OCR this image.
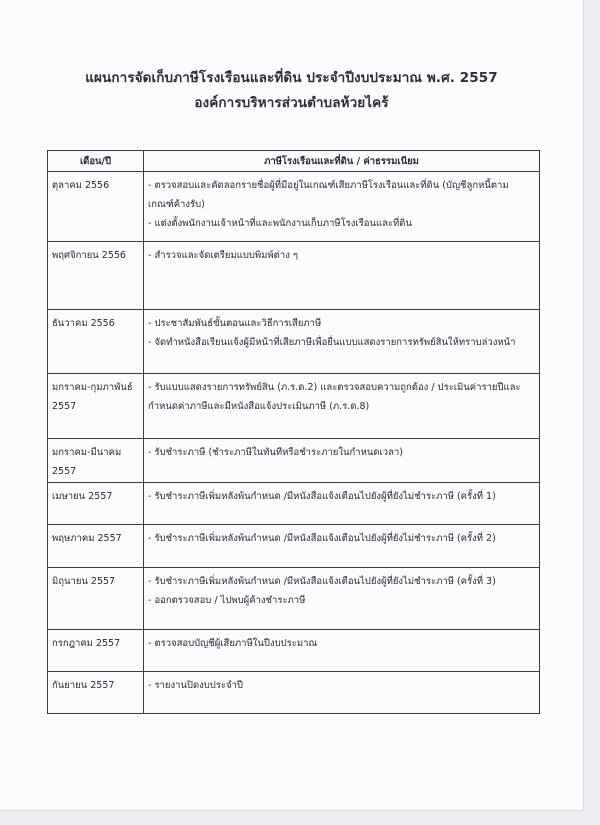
แผนการจัดเก็บภาษีโรงเรือนและที่ดิน ประจำปีงบประมาณ พ.ศ. 2557
องค์การบริหารส่วนตำบลห้วยไคร้
เดือน/ปี	ภาษีโรงเรือนและที่ดิน / ค่าธรรมเนียม
ตุลาคม 2556	- ตรวจสอบและคัดลอกรายชื่อผู้ที่มีอยู่ในเกณฑ์เสียภาษีโรงเรือนและที่ดิน (บัญชีลูกหนี้ตาม
เกณฑ์ค้างรับ)
- แต่งตั้งพนักงานเจ้าหน้าที่และพนักงานเก็บภาษีโรงเรือนและที่ดิน

พฤศจิกายน 2556	- สำรวจและจัดเตรียมแบบพิมพ์ต่าง ๆ

ธันวาคม 2556	- ประชาสัมพันธ์ขั้นตอนและวิธีการเสียภาษี
- จัดทำหนังสือเรียนแจ้งผู้มีหน้าที่เสียภาษีเพื่อยื่นแบบแสดงรายการทรัพย์สินให้ทราบล่วงหน้า

มกราคม-กุมภาพันธ์ 2557	- รับแบบแสดงรายการทรัพย์สิน (ภ.ร.ด.2) และตรวจสอบความถูกต้อง / ประเมินค่ารายปีและ
กำหนดค่าภาษีและมีหนังสือแจ้งประเมินภาษี (ภ.ร.ด.8)

มกราคม-มีนาคม 2557	- รับชำระภาษี (ชำระภาษีในทันทีหรือชำระภายในกำหนดเวลา)

เมษายน 2557	- รับชำระภาษีเพิ่มหลังพ้นกำหนด /มีหนังสือแจ้งเตือนไปยังผู้ที่ยังไม่ชำระภาษี (ครั้งที่ 1)

พฤษภาคม 2557	- รับชำระภาษีเพิ่มหลังพ้นกำหนด /มีหนังสือแจ้งเตือนไปยังผู้ที่ยังไม่ชำระภาษี (ครั้งที่ 2)

มิถุนายน 2557	- รับชำระภาษีเพิ่มหลังพ้นกำหนด /มีหนังสือแจ้งเตือนไปยังผู้ที่ยังไม่ชำระภาษี (ครั้งที่ 3)
- ออกตรวจสอบ / ไปพบผู้ค้างชำระภาษี

กรกฎาคม 2557	- ตรวจสอบบัญชีผู้เสียภาษีในปีงบประมาณ

กันยายน 2557	- รายงานปิดงบประจำปี
